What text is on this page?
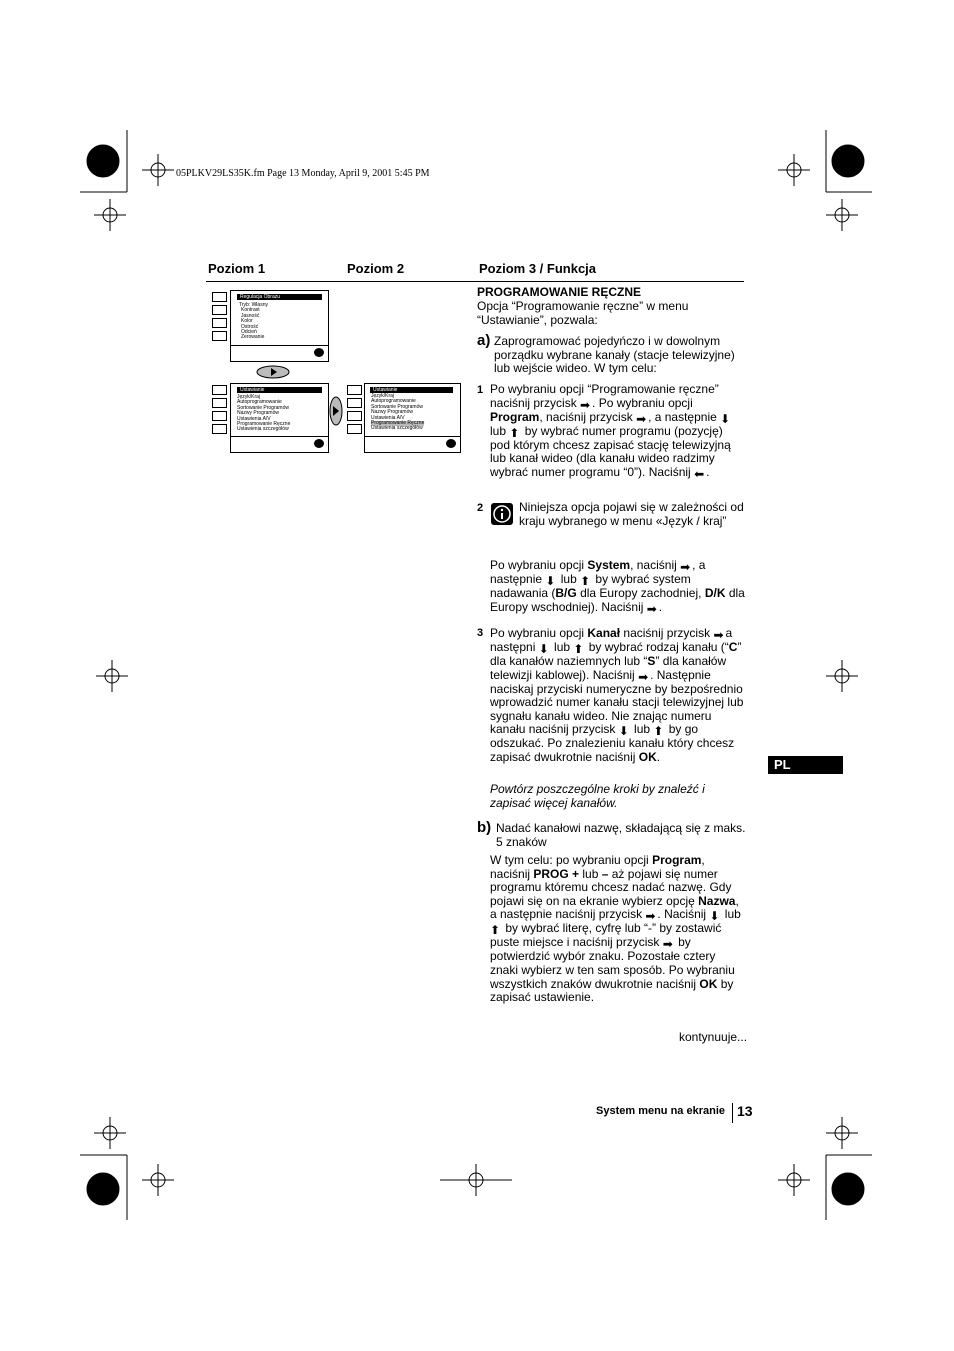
05PLKV29LS35K.fm Page 13 Monday, April 9, 2001 5:45 PM
Poziom 1	Poziom 2	Poziom 3 / Funkcja
Regulacja Obrazu
Tryb: Własny
Kontrast
Jasność
Kolor
Ostrość
Odcień
Zerowanie
Ustawianie
Język/Kraj
Autoprogramowanie
Sortowanie Programów
Nazwy Programów
Ustawienia A/V
Programowanie Ręczne
Ustawienia szczegółów
Ustawianie
Język/Kraj
Autoprogramowanie
Sortowanie Programów
Nazwy Programów
Ustawienia A/V
Programowanie Ręczne
Ustawienia szczegółów
PROGRAMOWANIE RĘCZNE
Opcja “Programowanie ręczne” w menu “Ustawianie”, pozwala:
a) Zaprogramować pojedyńczo i w dowolnym porządku wybrane kanały (stacje telewizyjne) lub wejście wideo. W tym celu:
1 Po wybraniu opcji “Programowanie ręczne” naciśnij przycisk ➡ . Po wybraniu opcji Program, naciśnij przycisk ➡ , a następnie ⬇ lub ⬆ by wybrać numer programu (pozycję) pod którym chcesz zapisać stację telewizyjną lub kanał wideo (dla kanału wideo radzimy wybrać numer programu “0”). Naciśnij ⬅ .
2	Niniejsza opcja pojawi się w zależności od kraju wybranego w menu «Język / kraj”
Po wybraniu opcji System, naciśnij ➡ , a następnie ⬇ lub ⬆ by wybrać system nadawania (B/G dla Europy zachodniej, D/K dla Europy wschodniej). Naciśnij ➡ .
3 Po wybraniu opcji Kanał naciśnij przycisk ➡ a następni ⬇ lub ⬆ by wybrać rodzaj kanału (“C” dla kanałów naziemnych lub “S” dla kanałów telewizji kablowej). Naciśnij ➡ . Następnie naciskaj przyciski numeryczne by bezpośrednio wprowadzić numer kanału stacji telewizyjnej lub sygnału kanału wideo. Nie znając numeru kanału naciśnij przycisk ⬇ lub ⬆ by go odszukać. Po znalezieniu kanału który chcesz zapisać dwukrotnie naciśnij OK.
Powtórz poszczególne kroki by znaleźć i zapisać więcej kanałów.
b) Nadać kanałowi nazwę, składającą się z maks. 5 znaków
W tym celu: po wybraniu opcji Program, naciśnij PROG + lub – aż pojawi się numer programu któremu chcesz nadać nazwę. Gdy pojawi się on na ekranie wybierz opcję Nazwa, a następnie naciśnij przycisk ➡ . Naciśnij ⬇ lub ⬆ by wybrać literę, cyfrę lub “-” by zostawić puste miejsce i naciśnij przycisk ➡ by potwierdzić wybór znaku. Pozostałe cztery znaki wybierz w ten sam sposób. Po wybraniu wszystkich znaków dwukrotnie naciśnij OK by zapisać ustawienie.
kontynuuje...
PL
System menu na ekranie 13
